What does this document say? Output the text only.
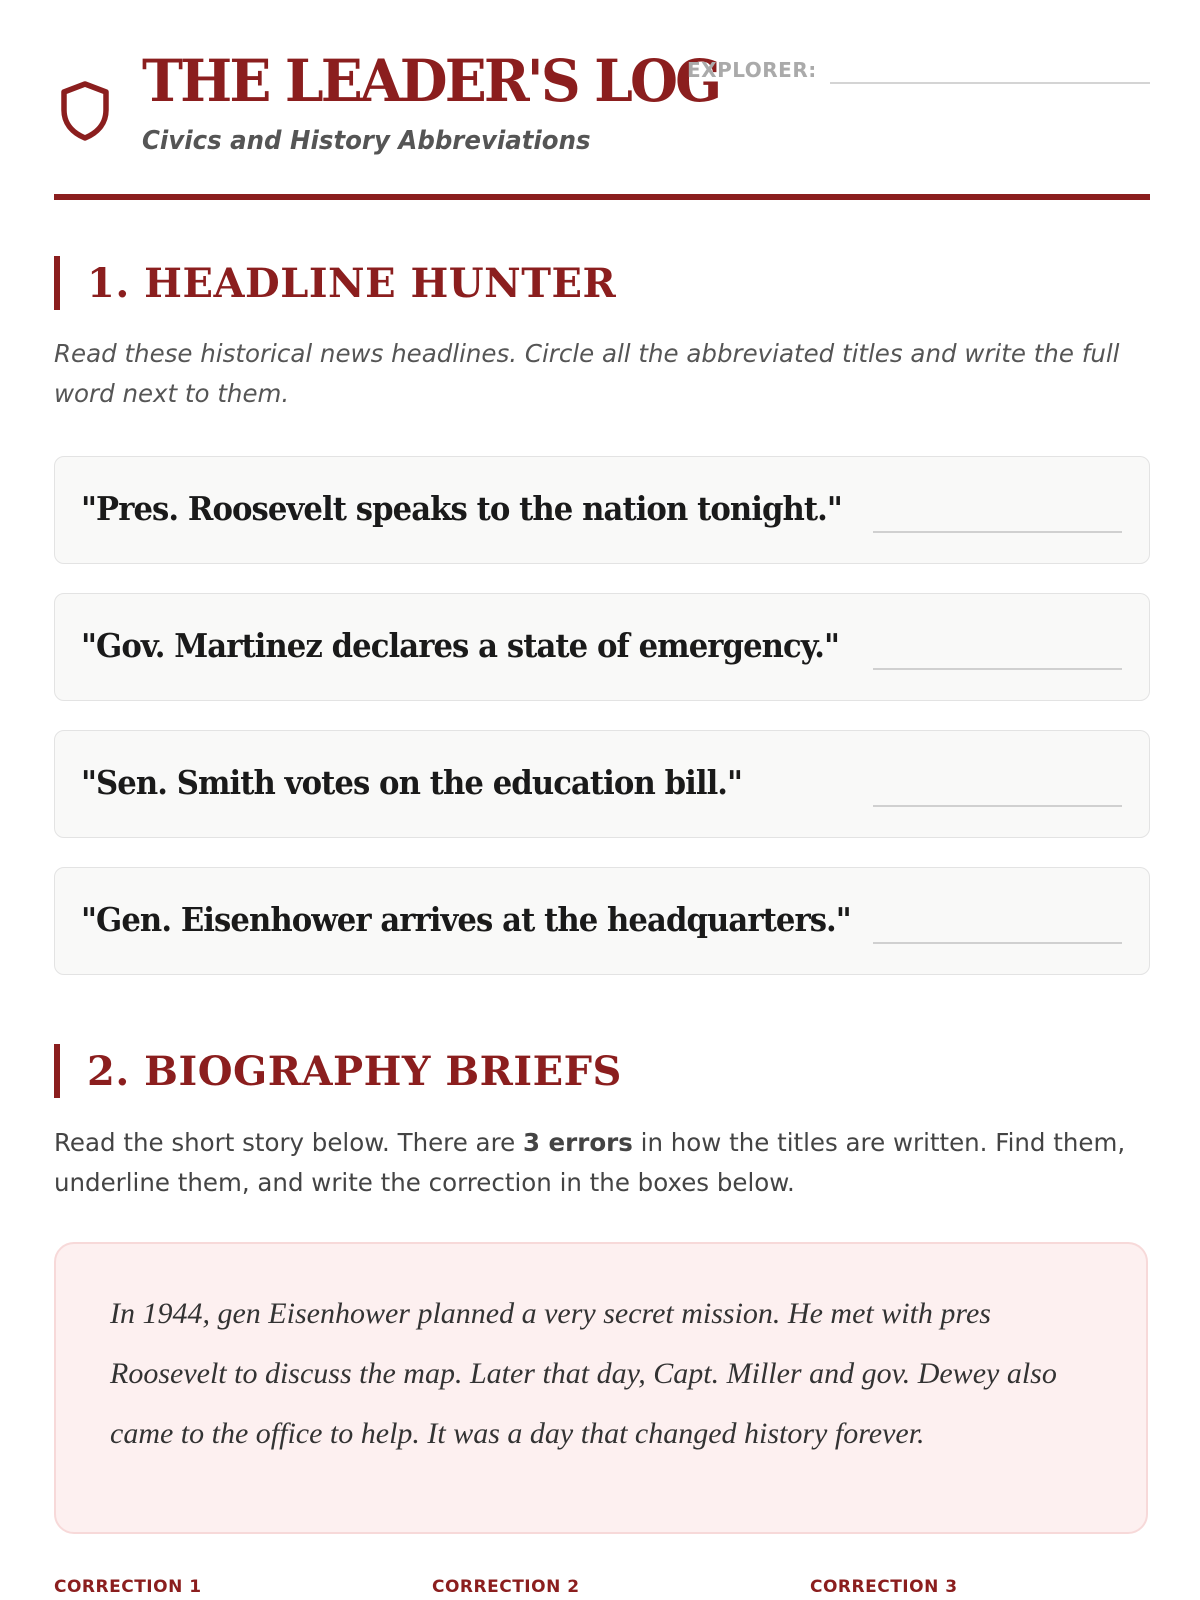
THE LEADER'S LOG
Civics and History Abbreviations
EXPLORER:
1. HEADLINE HUNTER

Read these historical news headlines. Circle all the abbreviated titles and write the full word next to them.

"Pres. Roosevelt speaks to the nation tonight."
"Gov. Martinez declares a state of emergency."
"Sen. Smith votes on the education bill."
"Gen. Eisenhower arrives at the headquarters."
2. BIOGRAPHY BRIEFS

Read the short story below. There are 3 errors in how the titles are written. Find them, underline them, and write the correction in the boxes below.

In 1944, gen Eisenhower planned a very secret mission. He met with pres Roosevelt to discuss the map. Later that day, Capt. Miller and gov. Dewey also came to the office to help. It was a day that changed history forever.

CORRECTION 1	CORRECTION 2	CORRECTION 3
